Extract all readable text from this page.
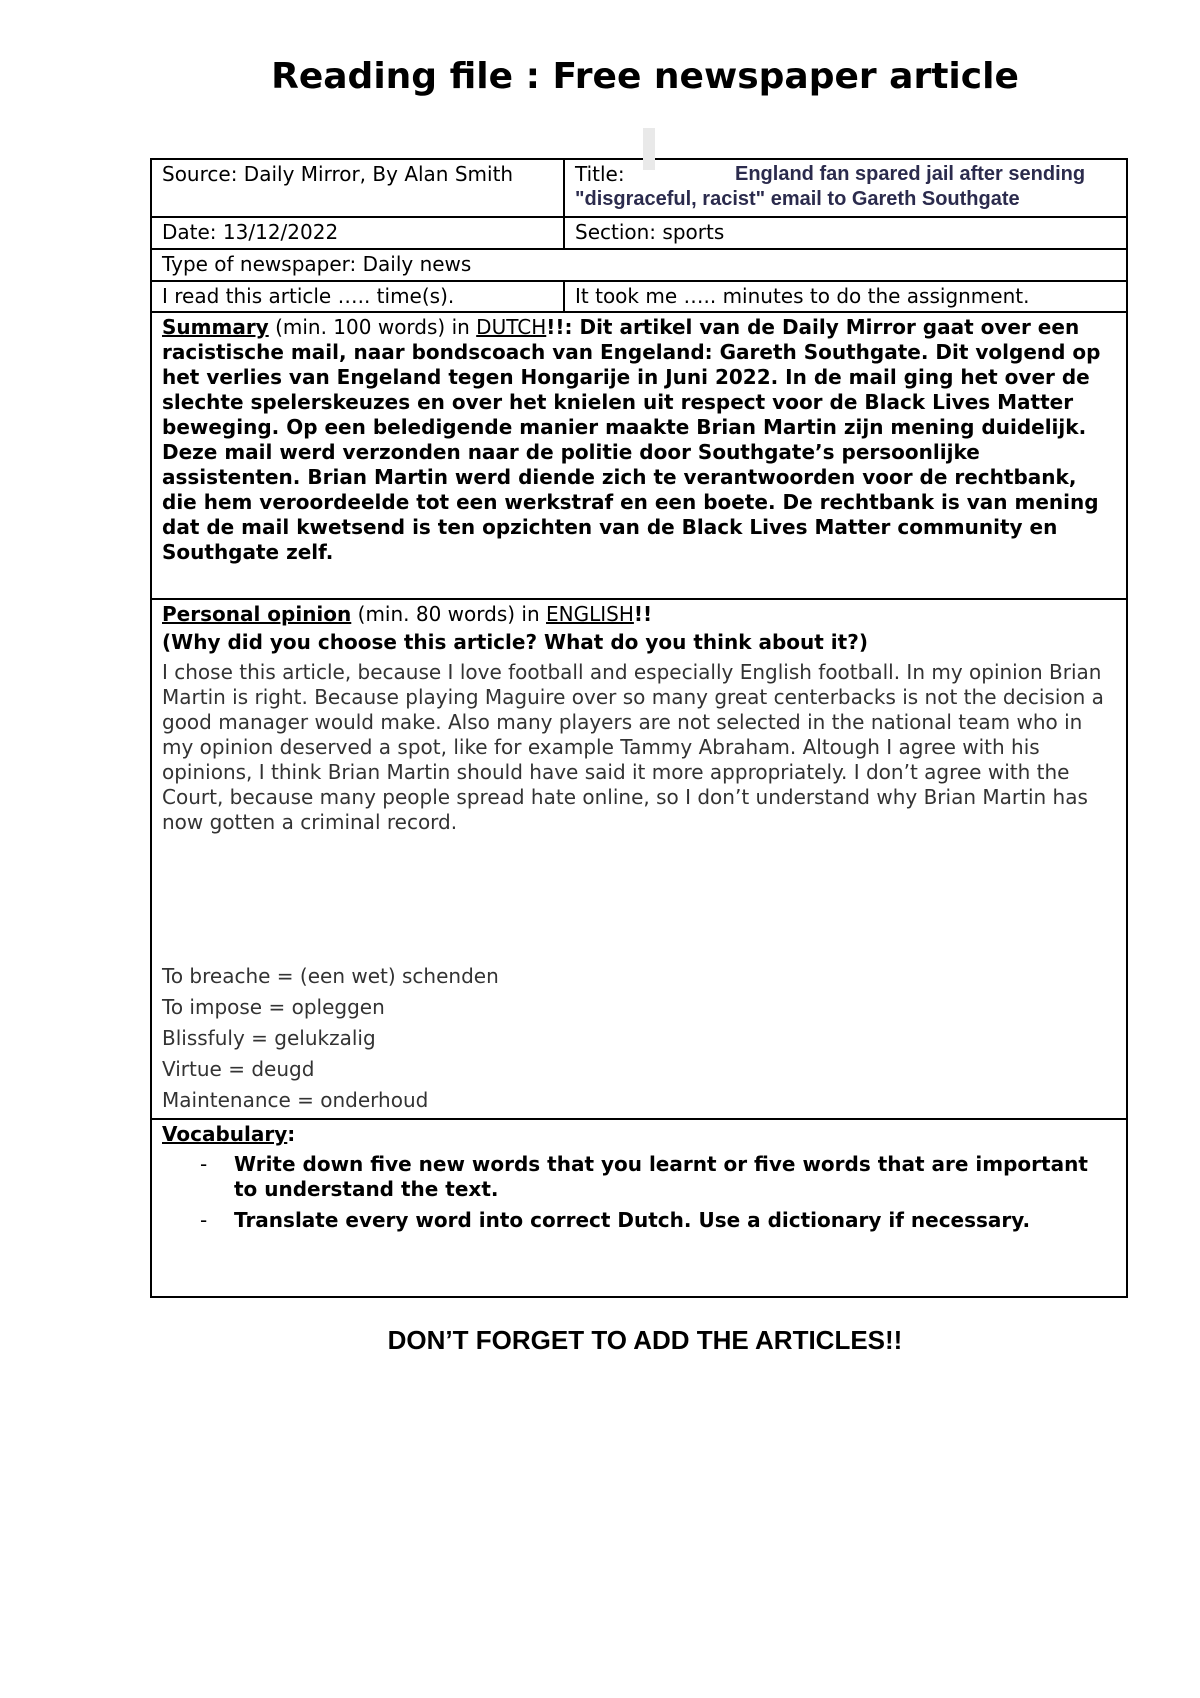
Reading file : Free newspaper article
Source: Daily Mirror, By Alan Smith	Title:	England fan spared jail after sending "disgraceful, racist" email to Gareth Southgate
Date: 13/12/2022	Section: sports
Type of newspaper: Daily news
I read this article ….. time(s).	It took me ….. minutes to do the assignment.
Summary (min. 100 words) in DUTCH!!: Dit artikel van de Daily Mirror gaat over een racistische mail, naar bondscoach van Engeland: Gareth Southgate. Dit volgend op het verlies van Engeland tegen Hongarije in Juni 2022. In de mail ging het over de slechte spelerskeuzes en over het knielen uit respect voor de Black Lives Matter beweging. Op een beledigende manier maakte Brian Martin zijn mening duidelijk. Deze mail werd verzonden naar de politie door Southgate’s persoonlijke assistenten. Brian Martin werd diende zich te verantwoorden voor de rechtbank, die hem veroordeelde tot een werkstraf en een boete. De rechtbank is van mening dat de mail kwetsend is ten opzichten van de Black Lives Matter community en Southgate zelf.
Personal opinion (min. 80 words) in ENGLISH!!
(Why did you choose this article? What do you think about it?)
I chose this article, because I love football and especially English football. In my opinion Brian Martin is right. Because playing Maguire over so many great centerbacks is not the decision a good manager would make. Also many players are not selected in the national team who in my opinion deserved a spot, like for example Tammy Abraham. Altough I agree with his opinions, I think Brian Martin should have said it more appropriately. I don’t agree with the Court, because many people spread hate online, so I don’t understand why Brian Martin has now gotten a criminal record.
To breache = (een wet) schenden
To impose = opleggen
Blissfuly = gelukzalig
Virtue = deugd
Maintenance = onderhoud
Vocabulary:
- Write down five new words that you learnt or five words that are important to understand the text.
- Translate every word into correct Dutch. Use a dictionary if necessary.
DON’T FORGET TO ADD THE ARTICLES!!
